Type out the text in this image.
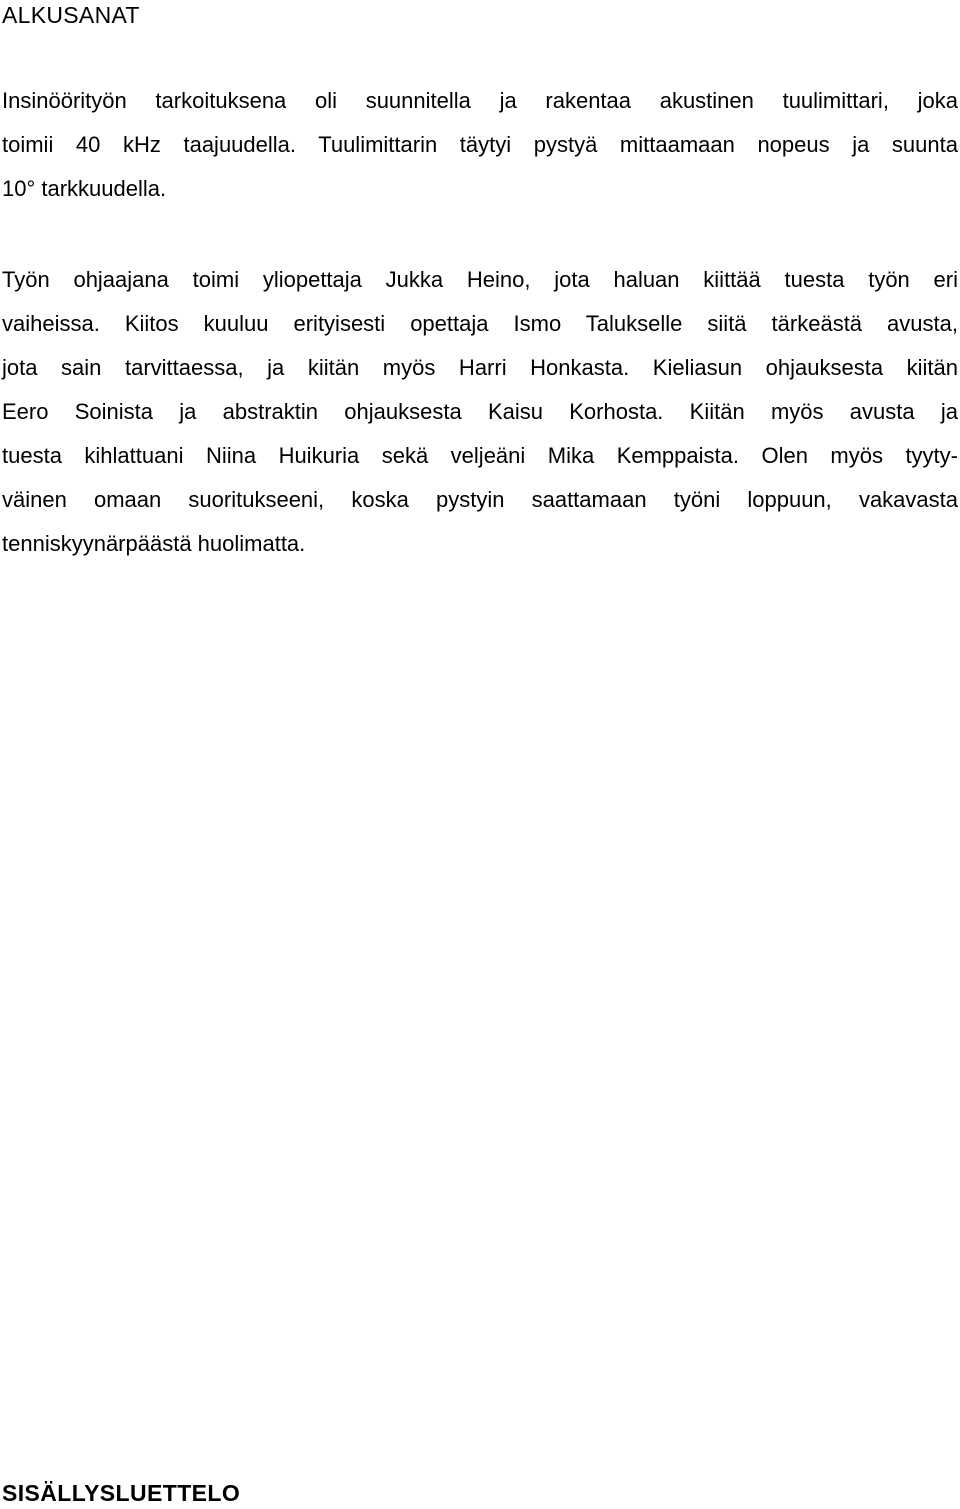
ALKUSANAT

Insinöörityön tarkoituksena oli suunnitella ja rakentaa akustinen tuulimittari, joka
toimii 40 kHz taajuudella. Tuulimittarin täytyi pystyä mittaamaan nopeus ja suunta
10° tarkkuudella.

Työn ohjaajana toimi yliopettaja Jukka Heino, jota haluan kiittää tuesta työn eri
vaiheissa. Kiitos kuuluu erityisesti opettaja Ismo Talukselle siitä tärkeästä avusta,
jota sain tarvittaessa, ja kiitän myös Harri Honkasta. Kieliasun ohjauksesta kiitän
Eero Soinista ja abstraktin ohjauksesta Kaisu Korhosta. Kiitän myös avusta ja
tuesta kihlattuani Niina Huikuria sekä veljeäni Mika Kemppaista. Olen myös tyyty-
väinen omaan suoritukseeni, koska pystyin saattamaan työni loppuun, vakavasta
tenniskyynärpäästä huolimatta.

SISÄLLYSLUETTELO
